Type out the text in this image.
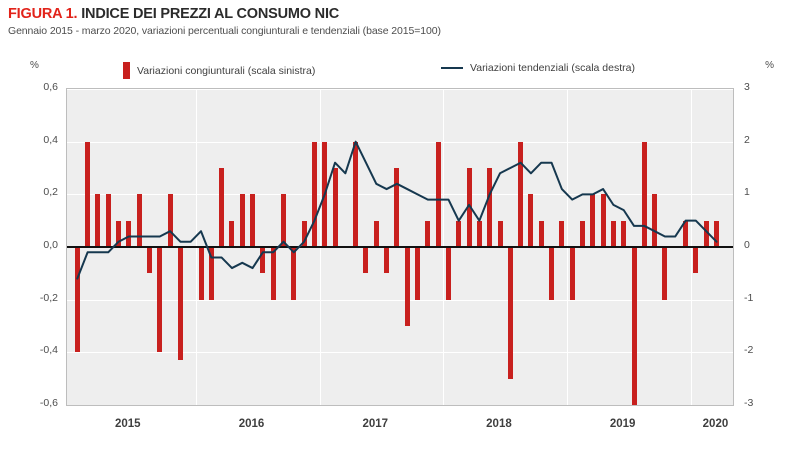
FIGURA 1. INDICE DEI PREZZI AL CONSUMO NIC
Gennaio 2015 - marzo 2020, variazioni percentuali congiunturali e tendenziali (base 2015=100)
%	%
Variazioni congiunturali (scala sinistra)	Variazioni tendenziali (scala destra)
-0,6
-0,4
-0,2
0,0
0,2
0,4
0,6
-3
-2
-1
0
1
2
3
2015	2016	2017	2018	2019	2020
